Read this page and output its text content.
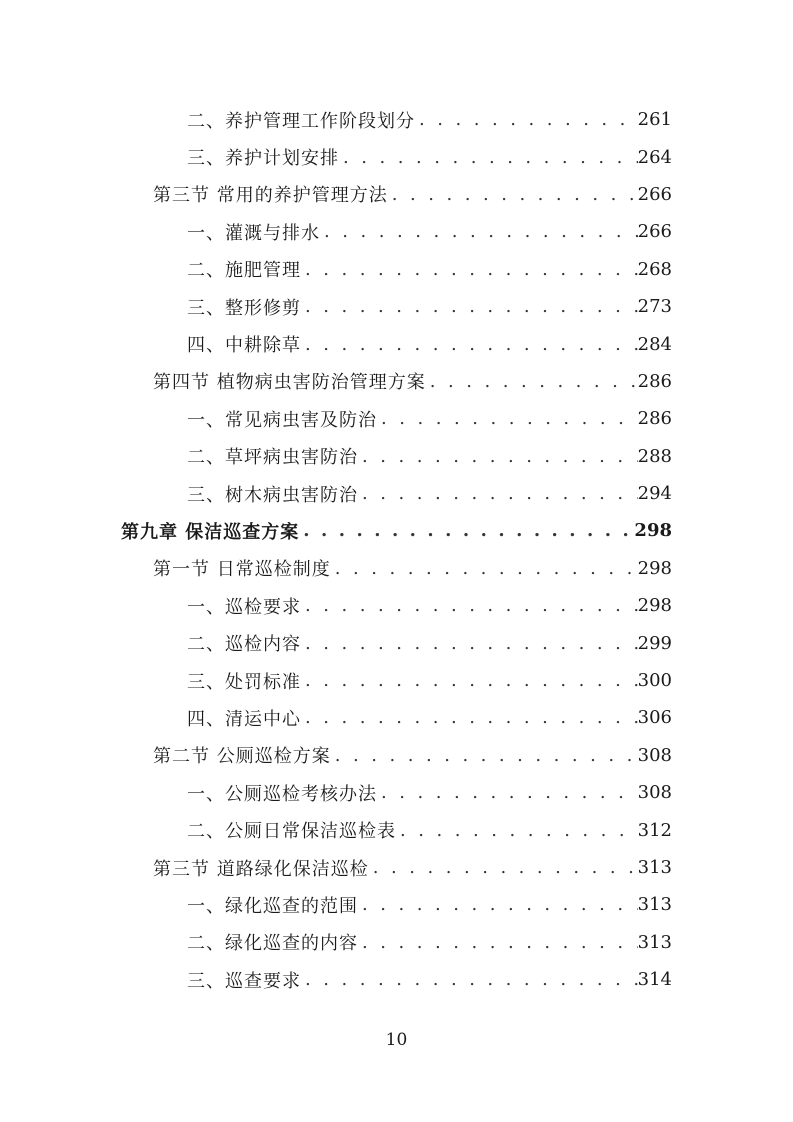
二、养护管理工作阶段划分 . . .	261
三、养护计划安排 . . .	264
第三节 常用的养护管理方法 . . .	266
一、灌溉与排水 . . .	266
二、施肥管理 . . .	268
三、整形修剪 . . .	273
四、中耕除草 . . .	284
第四节 植物病虫害防治管理方案 . . .	286
一、常见病虫害及防治 . . .	286
二、草坪病虫害防治 . . .	288
三、树木病虫害防治 . . .	294
第九章 保洁巡查方案 . . .	298
第一节 日常巡检制度 . . .	298
一、巡检要求 . . .	298
二、巡检内容 . . .	299
三、处罚标准 . . .	300
四、清运中心 . . .	306
第二节 公厕巡检方案 . . .	308
一、公厕巡检考核办法 . . .	308
二、公厕日常保洁巡检表 . . .	312
第三节 道路绿化保洁巡检 . . .	313
一、绿化巡查的范围 . . .	313
二、绿化巡查的内容 . . .	313
三、巡查要求 . . .	314
10
